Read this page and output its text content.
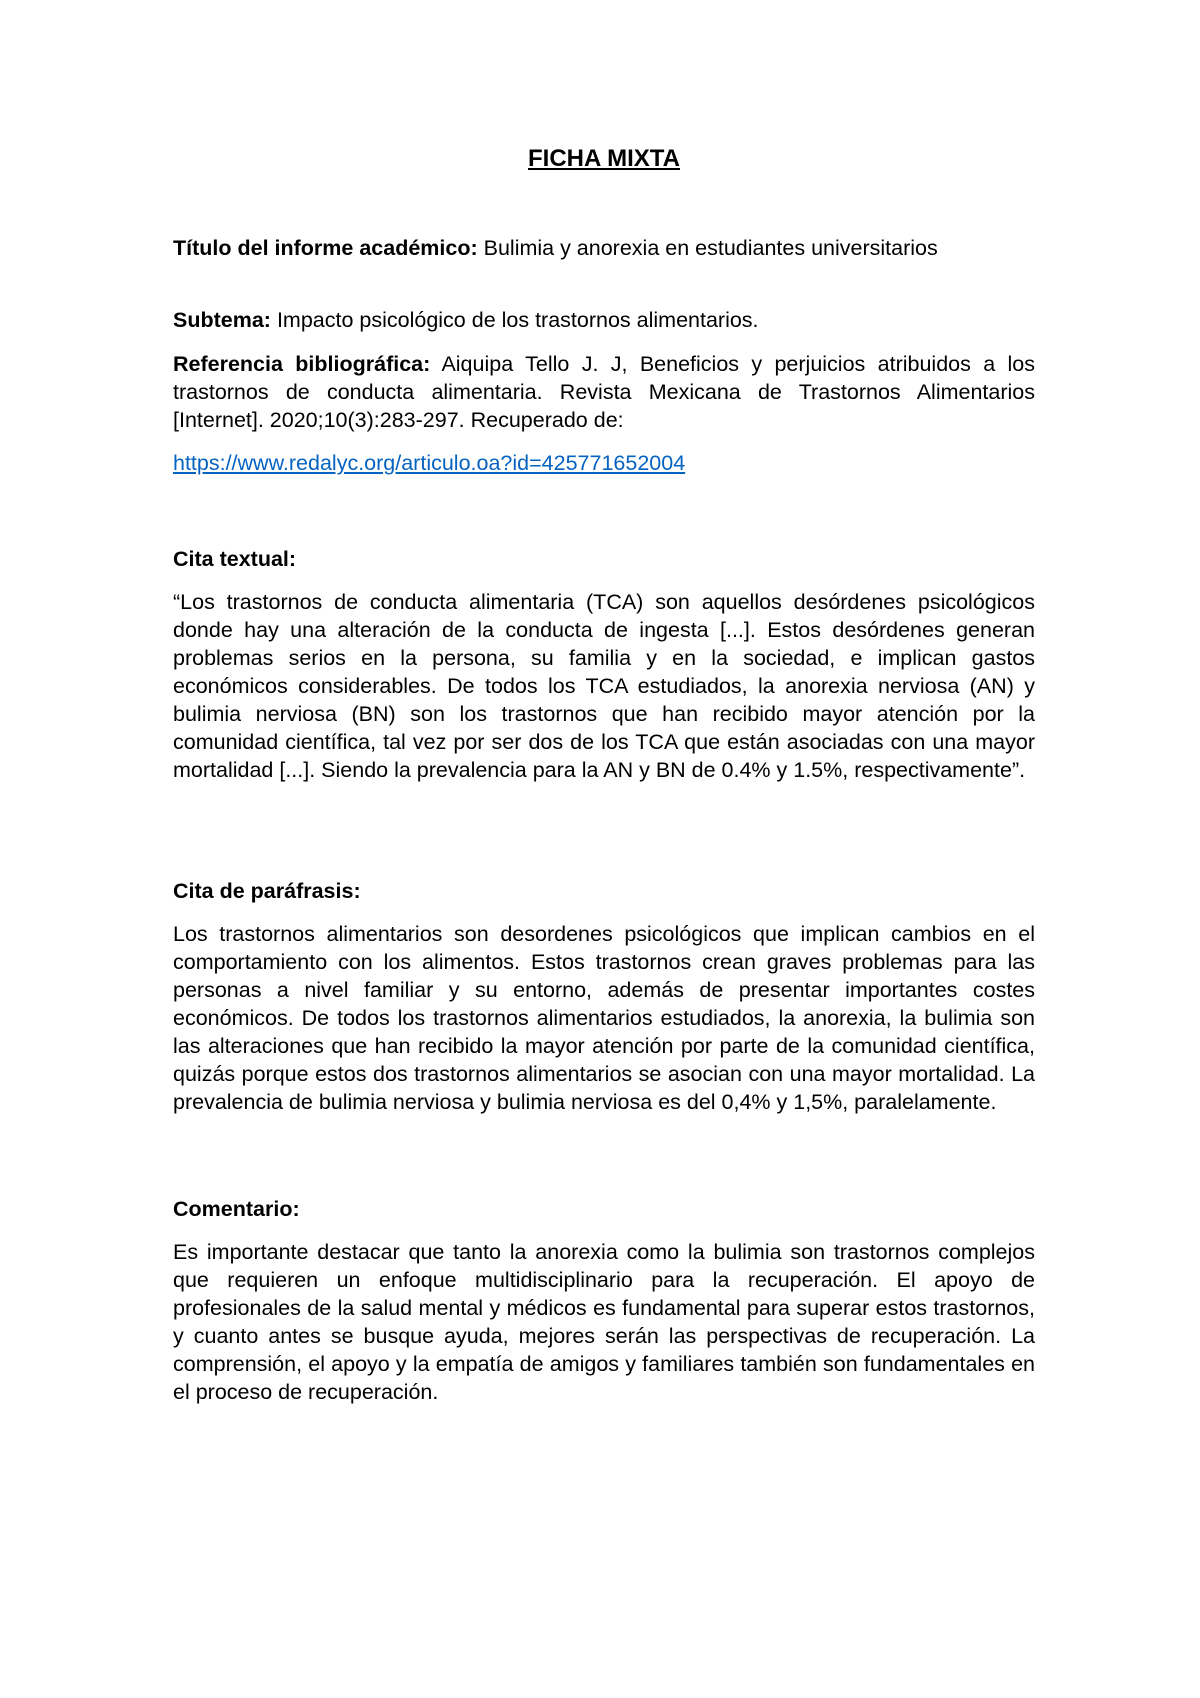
FICHA MIXTA

Título del informe académico: Bulimia y anorexia en estudiantes universitarios

Subtema: Impacto psicológico de los trastornos alimentarios.

Referencia bibliográfica: Aiquipa Tello J. J, Beneficios y perjuicios atribuidos a los trastornos de conducta alimentaria. Revista Mexicana de Trastornos Alimentarios [Internet]. 2020;10(3):283-297. Recuperado de:

https://www.redalyc.org/articulo.oa?id=425771652004

Cita textual:

“Los trastornos de conducta alimentaria (TCA) son aquellos desórdenes psicológicos donde hay una alteración de la conducta de ingesta [...]. Estos desórdenes generan problemas serios en la persona, su familia y en la sociedad, e implican gastos económicos considerables. De todos los TCA estudiados, la anorexia nerviosa (AN) y bulimia nerviosa (BN) son los trastornos que han recibido mayor atención por la comunidad científica, tal vez por ser dos de los TCA que están asociadas con una mayor mortalidad [...]. Siendo la prevalencia para la AN y BN de 0.4% y 1.5%, respectivamente”.

Cita de paráfrasis:

Los trastornos alimentarios son desordenes psicológicos que implican cambios en el comportamiento con los alimentos. Estos trastornos crean graves problemas para las personas a nivel familiar y su entorno, además de presentar importantes costes económicos. De todos los trastornos alimentarios estudiados, la anorexia, la bulimia son las alteraciones que han recibido la mayor atención por parte de la comunidad científica, quizás porque estos dos trastornos alimentarios se asocian con una mayor mortalidad. La prevalencia de bulimia nerviosa y bulimia nerviosa es del 0,4% y 1,5%, paralelamente.

Comentario:

Es importante destacar que tanto la anorexia como la bulimia son trastornos complejos que requieren un enfoque multidisciplinario para la recuperación. El apoyo de profesionales de la salud mental y médicos es fundamental para superar estos trastornos, y cuanto antes se busque ayuda, mejores serán las perspectivas de recuperación. La comprensión, el apoyo y la empatía de amigos y familiares también son fundamentales en el proceso de recuperación.
